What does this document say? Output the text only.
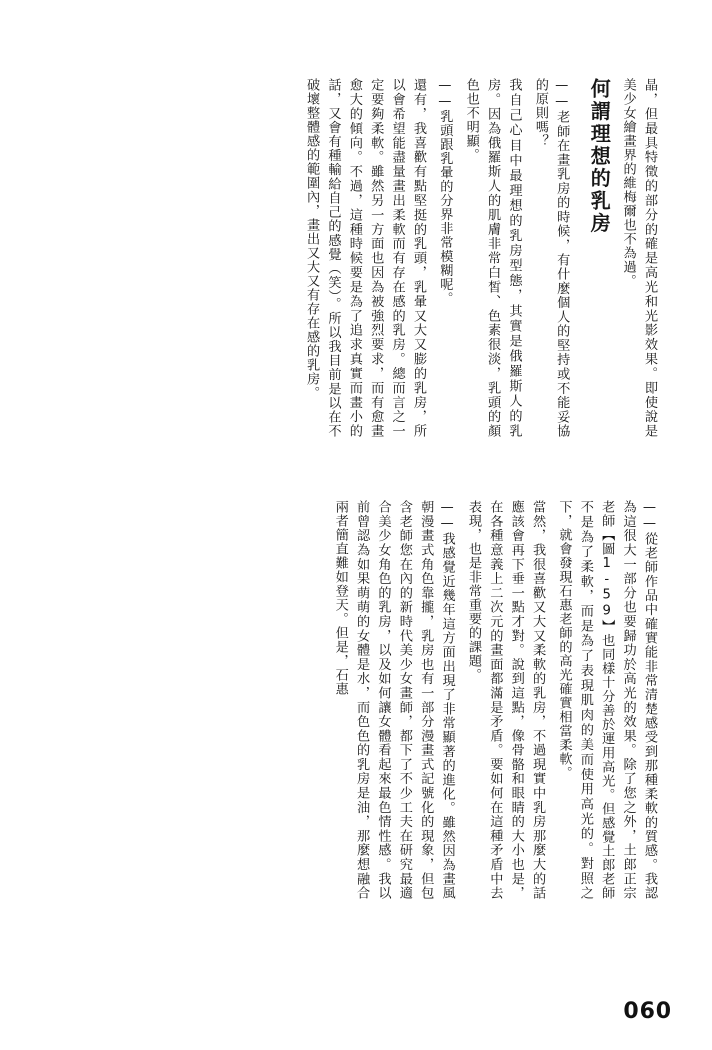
晶，但最具特徵的部分的確是高光和光影效果。即使說是美少女繪畫界的維梅爾也不為過。

何謂理想的乳房

——老師在畫乳房的時候，有什麼個人的堅持或不能妥協的原則嗎？

我自己心目中最理想的乳房型態，其實是俄羅斯人的乳房。因為俄羅斯人的肌膚非常白皙、色素很淡，乳頭的顏色也不明顯。

——乳頭跟乳暈的分界非常模糊呢。

還有，我喜歡有點堅挺的乳頭，乳暈又大又膨的乳房，所以會希望能盡量畫出柔軟而有存在感的乳房。總而言之一定要夠柔軟。雖然另一方面也因為被強烈要求，而有愈畫愈大的傾向。不過，這種時候要是為了追求真實而畫小的話，又會有種輸給自己的感覺（笑）。所以我目前是以在不破壞整體感的範圍內，畫出又大又有存在感的乳房。

——從老師作品中確實能非常清楚感受到那種柔軟的質感。我認為這很大一部分也要歸功於高光的效果。除了您之外，土郎正宗老師【圖1-59】也同樣十分善於運用高光。但感覺土郎老師不是為了柔軟，而是為了表現肌肉的美而使用高光的。對照之下，就會發現石惠老師的高光確實相當柔軟。

當然，我很喜歡又大又柔軟的乳房，不過現實中乳房那麼大的話應該會再下垂一點才對。說到這點，像骨骼和眼睛的大小也是，在各種意義上二次元的畫面都滿是矛盾。要如何在這種矛盾中去表現，也是非常重要的課題。

——我感覺近幾年這方面出現了非常顯著的進化。雖然因為畫風朝漫畫式角色靠攏，乳房也有一部分漫畫式記號化的現象，但包含老師您在內的新時代美少女畫師，都下了不少工夫在研究最適合美少女角色的乳房，以及如何讓女體看起來最色情性感。我以前曾認為如果萌萌的女體是水，而色色的乳房是油，那麼想融合兩者簡直難如登天。但是，石惠

060
